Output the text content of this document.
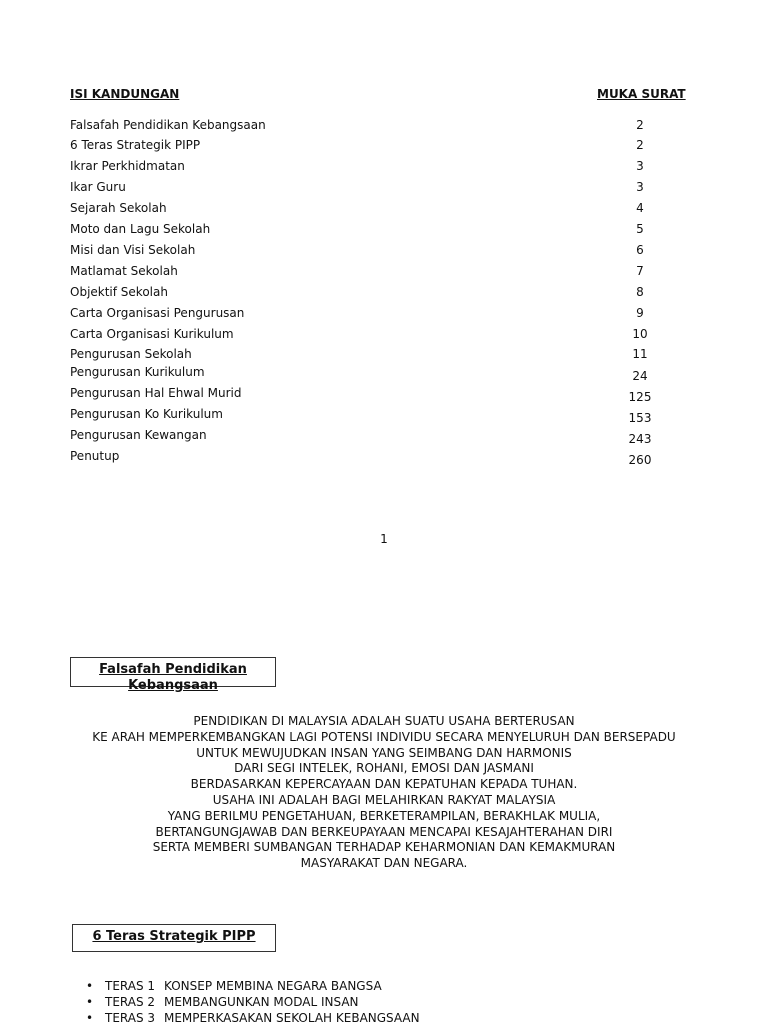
ISI KANDUNGAN	MUKA SURAT
Falsafah Pendidikan Kebangsaan	2
6 Teras Strategik PIPP	2
Ikrar Perkhidmatan	3
Ikar Guru	3
Sejarah Sekolah	4
Moto dan Lagu Sekolah	5
Misi dan Visi Sekolah	6
Matlamat Sekolah	7
Objektif Sekolah	8
Carta Organisasi Pengurusan	9
Carta Organisasi Kurikulum	10
Pengurusan Sekolah	11
Pengurusan Kurikulum	24
Pengurusan Hal Ehwal Murid	125
Pengurusan Ko Kurikulum	153
Pengurusan Kewangan	243
Penutup	260
1
Falsafah Pendidikan
Kebangsaan
PENDIDIKAN DI MALAYSIA ADALAH SUATU USAHA BERTERUSAN
KE ARAH MEMPERKEMBANGKAN LAGI POTENSI INDIVIDU SECARA MENYELURUH DAN BERSEPADU
UNTUK MEWUJUDKAN INSAN YANG SEIMBANG DAN HARMONIS
DARI SEGI INTELEK, ROHANI, EMOSI DAN JASMANI
BERDASARKAN KEPERCAYAAN DAN KEPATUHAN KEPADA TUHAN.
USAHA INI ADALAH BAGI MELAHIRKAN RAKYAT MALAYSIA
YANG BERILMU PENGETAHUAN, BERKETERAMPILAN, BERAKHLAK MULIA,
BERTANGUNGJAWAB DAN BERKEUPAYAAN MENCAPAI KESAJAHTERAHAN DIRI
SERTA MEMBERI SUMBANGAN TERHADAP KEHARMONIAN DAN KEMAKMURAN
MASYARAKAT DAN NEGARA.
6 Teras Strategik PIPP
• TERAS 1 KONSEP MEMBINA NEGARA BANGSA
• TERAS 2 MEMBANGUNKAN MODAL INSAN
• TERAS 3 MEMPERKASAKAN SEKOLAH KEBANGSAAN
